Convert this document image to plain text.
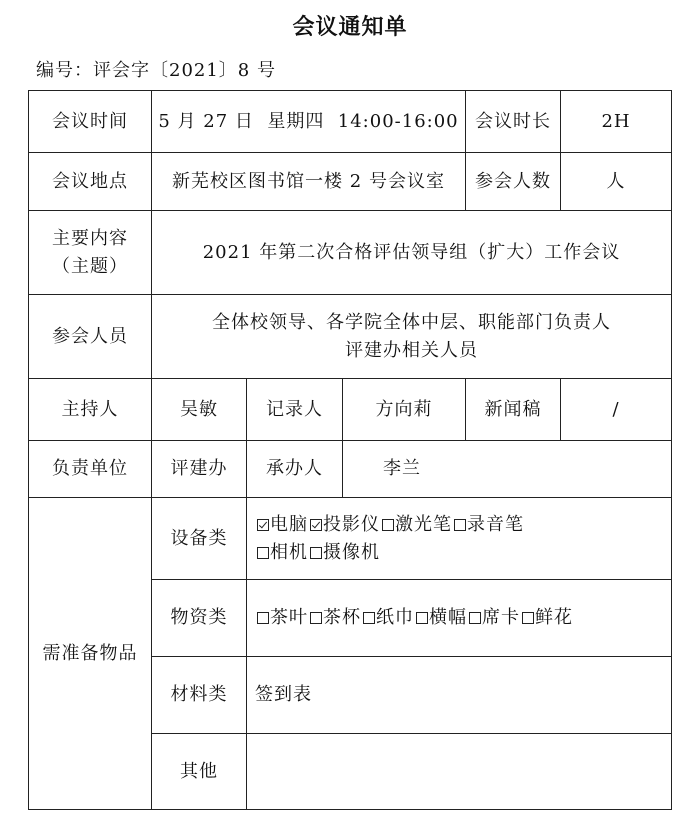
会议通知单
编号：评会字〔2021〕8 号
会议时间	5 月 27 日  星期四  14:00-16:00			会议时长	2H
会议地点	新芜校区图书馆一楼 2 号会议室			参会人数	人

主要内容
（主题）	2021 年第二次合格评估领导组（扩大）工作会议				
参会人员	全体校领导、各学院全体中层、职能部门负责人
评建办相关人员				

主持人	吴敏	记录人	方向莉	新闻稿	/
负责单位	评建办	承办人	李兰		
需准备物品	设备类	电脑 投影仪 激光笔 录音笔
相机 摄像机			
	物资类	茶叶 茶杯 纸巾 横幅 席卡 鲜花			
	材料类	签到表			
	其他				
